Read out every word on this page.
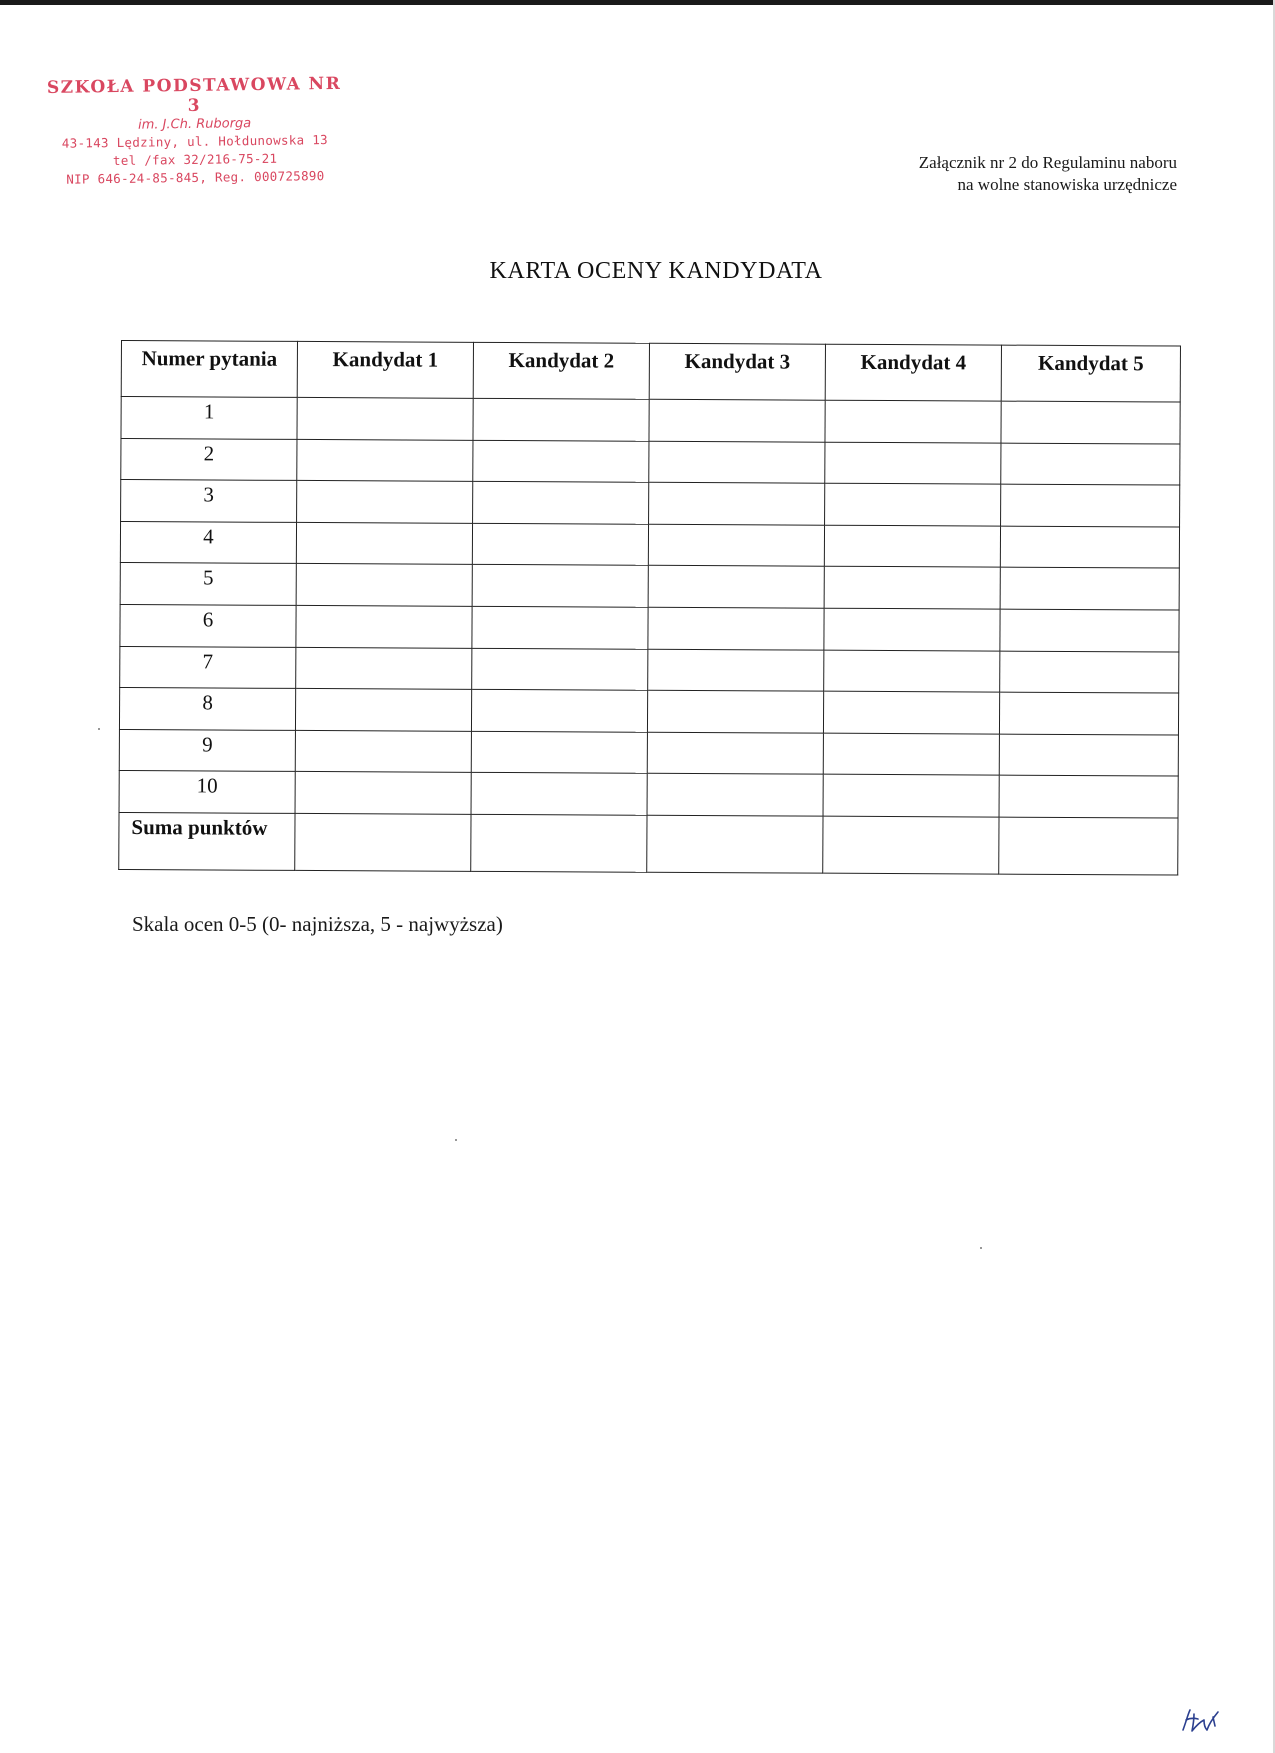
SZKOŁA PODSTAWOWA NR 3
im. J.Ch. Ruborga
43-143 Lędziny, ul. Hołdunowska 13
tel /fax 32/216-75-21
NIP 646-24-85-845, Reg. 000725890
Załącznik nr 2 do Regulaminu naboru
na wolne stanowiska urzędnicze
KARTA OCENY KANDYDATA
Numer pytania	Kandydat 1	Kandydat 2	Kandydat 3	Kandydat 4	Kandydat 5
1					
2					
3					
4					
5					
6					
7					
8					
9					
10					
Suma punktów					
Skala ocen 0-5 (0- najniższa, 5 - najwyższa)
